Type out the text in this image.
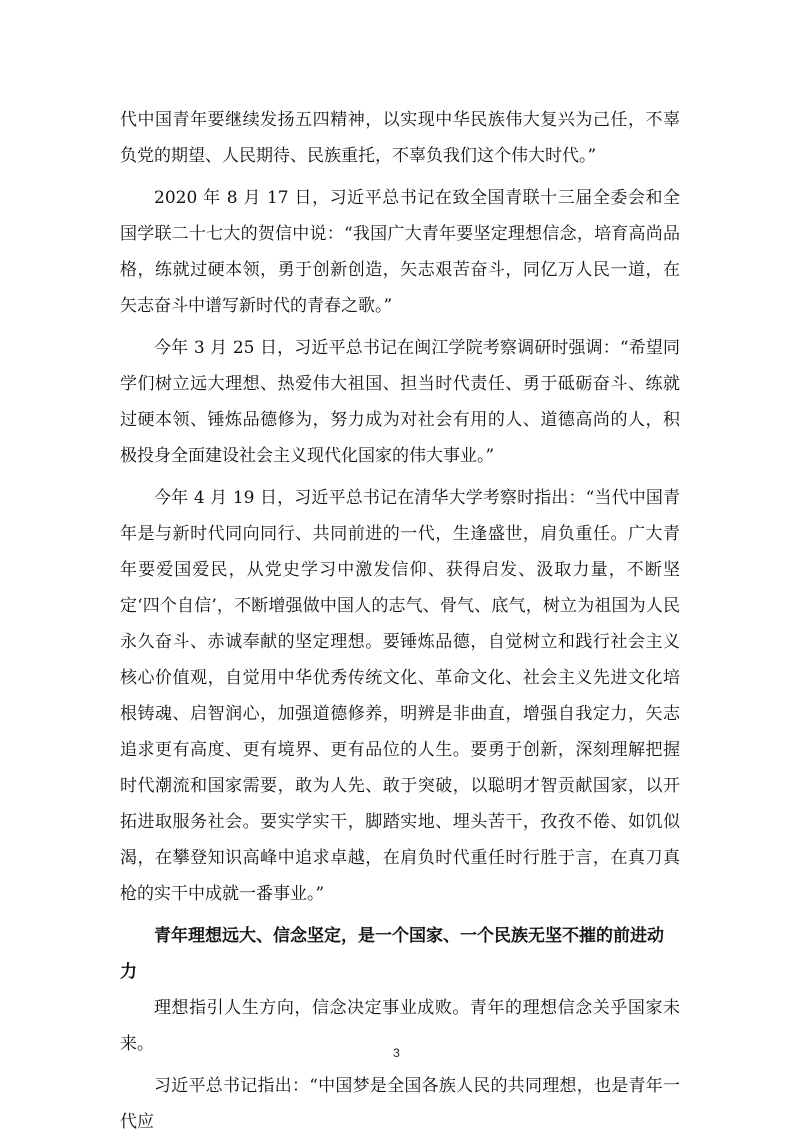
代中国青年要继续发扬五四精神，以实现中华民族伟大复兴为己任，不辜负党的期望、人民期待、民族重托，不辜负我们这个伟大时代。”

2020 年 8 月 17 日，习近平总书记在致全国青联十三届全委会和全国学联二十七大的贺信中说：“我国广大青年要坚定理想信念，培育高尚品格，练就过硬本领，勇于创新创造，矢志艰苦奋斗，同亿万人民一道，在矢志奋斗中谱写新时代的青春之歌。”

今年 3 月 25 日，习近平总书记在闽江学院考察调研时强调：“希望同学们树立远大理想、热爱伟大祖国、担当时代责任、勇于砥砺奋斗、练就过硬本领、锤炼品德修为，努力成为对社会有用的人、道德高尚的人，积极投身全面建设社会主义现代化国家的伟大事业。”

今年 4 月 19 日，习近平总书记在清华大学考察时指出：“当代中国青年是与新时代同向同行、共同前进的一代，生逢盛世，肩负重任。广大青年要爱国爱民，从党史学习中激发信仰、获得启发、汲取力量，不断坚定‘四个自信’，不断增强做中国人的志气、骨气、底气，树立为祖国为人民永久奋斗、赤诚奉献的坚定理想。要锤炼品德，自觉树立和践行社会主义核心价值观，自觉用中华优秀传统文化、革命文化、社会主义先进文化培根铸魂、启智润心，加强道德修养，明辨是非曲直，增强自我定力，矢志追求更有高度、更有境界、更有品位的人生。要勇于创新，深刻理解把握时代潮流和国家需要，敢为人先、敢于突破，以聪明才智贡献国家，以开拓进取服务社会。要实学实干，脚踏实地、埋头苦干，孜孜不倦、如饥似渴，在攀登知识高峰中追求卓越，在肩负时代重任时行胜于言，在真刀真枪的实干中成就一番事业。”

青年理想远大、信念坚定，是一个国家、一个民族无坚不摧的前进动力

理想指引人生方向，信念决定事业成败。青年的理想信念关乎国家未来。

习近平总书记指出：“中国梦是全国各族人民的共同理想，也是青年一代应

3
